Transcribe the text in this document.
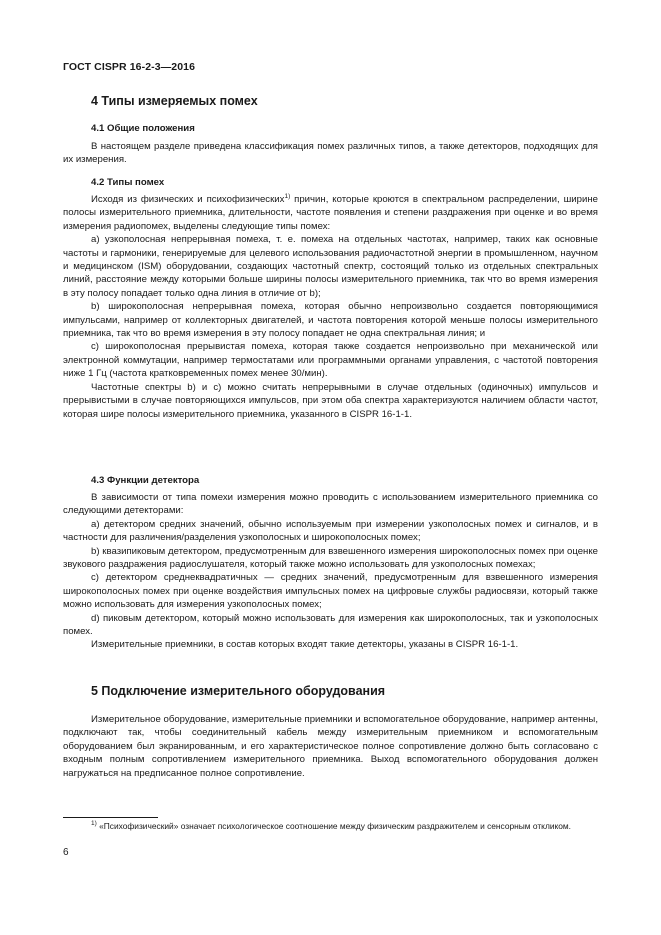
ГОСТ CISPR 16-2-3—2016
4 Типы измеряемых помех
4.1 Общие положения

В настоящем разделе приведена классификация помех различных типов, а также детекторов, подходящих для их измерения.

4.2 Типы помех

Исходя из физических и психофизических$^{1)}$ причин, которые кроются в спектральном распределении, ширине полосы измерительного приемника, длительности, частоте появления и степени раздражения при оценке и во время измерения радиопомех, выделены следующие типы помех:

а) узкополосная непрерывная помеха, т. е. помеха на отдельных частотах, например, таких как основные частоты и гармоники, генерируемые для целевого использования радиочастотной энергии в промышленном, научном и медицинском (ISM) оборудовании, создающих частотный спектр, состоящий только из отдельных спектральных линий, расстояние между которыми больше ширины полосы измерительного приемника, так что во время измерения в эту полосу попадает только одна линия в отличие от b);

b) широкополосная непрерывная помеха, которая обычно непроизвольно создается повторяющимися импульсами, например от коллекторных двигателей, и частота повторения которой меньше полосы измерительного приемника, так что во время измерения в эту полосу попадает не одна спектральная линия; и

с) широкополосная прерывистая помеха, которая также создается непроизвольно при механической или электронной коммутации, например термостатами или программными органами управления, с частотой повторения ниже 1 Гц (частота кратковременных помех менее 30/мин).

Частотные спектры b) и с) можно считать непрерывными в случае отдельных (одиночных) импульсов и прерывистыми в случае повторяющихся импульсов, при этом оба спектра характеризуются наличием области частот, которая шире полосы измерительного приемника, указанного в CISPR 16-1-1.

4.3 Функции детектора

В зависимости от типа помехи измерения можно проводить с использованием измерительного приемника со следующими детекторами:

а) детектором средних значений, обычно используемым при измерении узкополосных помех и сигналов, и в частности для различения/разделения узкополосных и широкополосных помех;

b) квазипиковым детектором, предусмотренным для взвешенного измерения широкополосных помех при оценке звукового раздражения радиослушателя, который также можно использовать для узкополосных помехах;

с) детектором среднеквадратичных — средних значений, предусмотренным для взвешенного измерения широкополосных помех при оценке воздействия импульсных помех на цифровые службы радиосвязи, который также можно использовать для измерения узкополосных помех;

d) пиковым детектором, который можно использовать для измерения как широкополосных, так и узкополосных помех.

Измерительные приемники, в состав которых входят такие детекторы, указаны в CISPR 16-1-1.

5 Подключение измерительного оборудования

Измерительное оборудование, измерительные приемники и вспомогательное оборудование, например антенны, подключают так, чтобы соединительный кабель между измерительным приемником и вспомогательным оборудованием был экранированным, и его характеристическое полное сопротивление должно быть согласовано с входным полным сопротивлением измерительного приемника. Выход вспомогательного оборудования должен нагружаться на предписанное полное сопротивление.

$^{1)}$ «Психофизический» означает психологическое соотношение между физическим раздражителем и сенсорным откликом.

6
